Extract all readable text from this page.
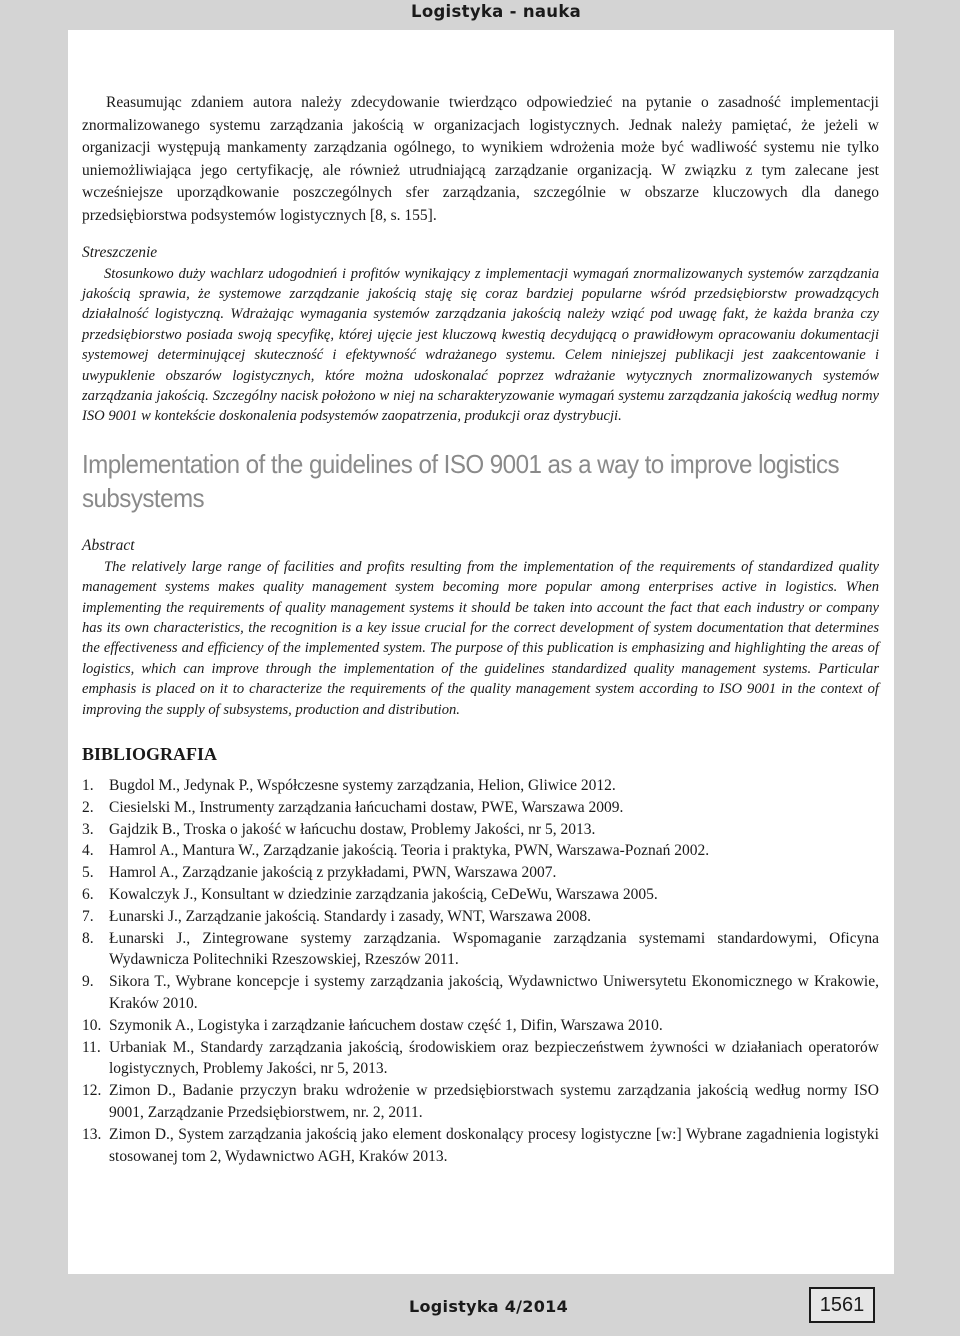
Logistyka - nauka

Reasumując zdaniem autora należy zdecydowanie twierdząco odpowiedzieć na pytanie o zasadność implementacji znormalizowanego systemu zarządzania jakością w organizacjach logistycznych. Jednak należy pamiętać, że jeżeli w organizacji występują mankamenty zarządzania ogólnego, to wynikiem wdrożenia może być wadliwość systemu nie tylko uniemożliwiająca jego certyfikację, ale również utrudniającą zarządzanie organizacją. W związku z tym zalecane jest wcześniejsze uporządkowanie poszczególnych sfer zarządzania, szczególnie w obszarze kluczowych dla danego przedsiębiorstwa podsystemów logistycznych [8, s. 155].

Streszczenie

Stosunkowo duży wachlarz udogodnień i profitów wynikający z implementacji wymagań znormalizowanych systemów zarządzania jakością sprawia, że systemowe zarządzanie jakością staję się coraz bardziej popularne wśród przedsiębiorstw prowadzących działalność logistyczną. Wdrażając wymagania systemów zarządzania jakością należy wziąć pod uwagę fakt, że każda branża czy przedsiębiorstwo posiada swoją specyfikę, której ujęcie jest kluczową kwestią decydującą o prawidłowym opracowaniu dokumentacji systemowej determinującej skuteczność i efektywność wdrażanego systemu. Celem niniejszej publikacji jest zaakcentowanie i uwypuklenie obszarów logistycznych, które można udoskonalać poprzez wdrażanie wytycznych znormalizowanych systemów zarządzania jakością. Szczególny nacisk położono w niej na scharakteryzowanie wymagań systemu zarządzania jakością według normy ISO 9001 w kontekście doskonalenia podsystemów zaopatrzenia, produkcji oraz dystrybucji.

Implementation of the guidelines of ISO 9001 as a way to improve logistics subsystems

Abstract

The relatively large range of facilities and profits resulting from the implementation of the requirements of standardized quality management systems makes quality management system becoming more popular among enterprises active in logistics. When implementing the requirements of quality management systems it should be taken into account the fact that each industry or company has its own characteristics, the recognition is a key issue crucial for the correct development of system documentation that determines the effectiveness and efficiency of the implemented system. The purpose of this publication is emphasizing and highlighting the areas of logistics, which can improve through the implementation of the guidelines standardized quality management systems. Particular emphasis is placed on it to characterize the requirements of the quality management system according to ISO 9001 in the context of improving the supply of subsystems, production and distribution.

BIBLIOGRAFIA
1. Bugdol M., Jedynak P., Współczesne systemy zarządzania, Helion, Gliwice 2012.
2. Ciesielski M., Instrumenty zarządzania łańcuchami dostaw, PWE, Warszawa 2009.
3. Gajdzik B., Troska o jakość w łańcuchu dostaw, Problemy Jakości, nr 5, 2013.
4. Hamrol A., Mantura W., Zarządzanie jakością. Teoria i praktyka, PWN, Warszawa-Poznań 2002.
5. Hamrol A., Zarządzanie jakością z przykładami, PWN, Warszawa 2007.
6. Kowalczyk J., Konsultant w dziedzinie zarządzania jakością, CeDeWu, Warszawa 2005.
7. Łunarski J., Zarządzanie jakością. Standardy i zasady, WNT, Warszawa 2008.
8. Łunarski J., Zintegrowane systemy zarządzania. Wspomaganie zarządzania systemami standardowymi, Oficyna Wydawnicza Politechniki Rzeszowskiej, Rzeszów 2011.
9. Sikora T., Wybrane koncepcje i systemy zarządzania jakością, Wydawnictwo Uniwersytetu Ekonomicznego w Krakowie, Kraków 2010.
10. Szymonik A., Logistyka i zarządzanie łańcuchem dostaw część 1, Difin, Warszawa 2010.
11. Urbaniak M., Standardy zarządzania jakością, środowiskiem oraz bezpieczeństwem żywności w działaniach operatorów logistycznych, Problemy Jakości, nr 5, 2013.
12. Zimon D., Badanie przyczyn braku wdrożenie w przedsiębiorstwach systemu zarządzania jakością według normy ISO 9001, Zarządzanie Przedsiębiorstwem, nr. 2, 2011.
13. Zimon D., System zarządzania jakością jako element doskonalący procesy logistyczne [w:] Wybrane zagadnienia logistyki stosowanej tom 2, Wydawnictwo AGH, Kraków 2013.
Logistyka 4/2014	1561
